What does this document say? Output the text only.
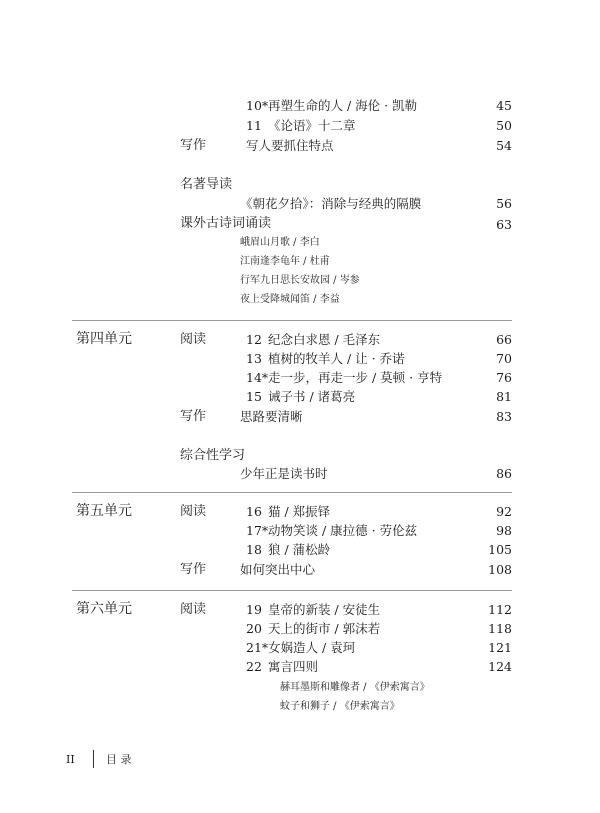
10* 再塑生命的人 / 海伦 · 凯勒	45
11 《论语》十二章	50
写作	写人要抓住特点	54
名著导读
《朝花夕拾》：消除与经典的隔膜	56
课外古诗词诵读	63
峨眉山月歌 / 李白
江南逢李龟年 / 杜甫
行军九日思长安故园 / 岑参
夜上受降城闻笛 / 李益
第四单元	阅读	12 纪念白求恩 / 毛泽东	66
13 植树的牧羊人 / 让 · 乔诺	70
14* 走一步，再走一步 / 莫顿 · 亨特	76
15 诫子书 / 诸葛亮	81
写作	思路要清晰	83
综合性学习
少年正是读书时	86
第五单元	阅读	16 猫 / 郑振铎	92
17* 动物笑谈 / 康拉德 · 劳伦兹	98
18 狼 / 蒲松龄	105
写作	如何突出中心	108
第六单元	阅读	19 皇帝的新装 / 安徒生	112
20 天上的街市 / 郭沫若	118
21* 女娲造人 / 袁珂	121
22 寓言四则	124
赫耳墨斯和雕像者 / 《伊索寓言》
蚊子和狮子 / 《伊索寓言》
II	目 录
